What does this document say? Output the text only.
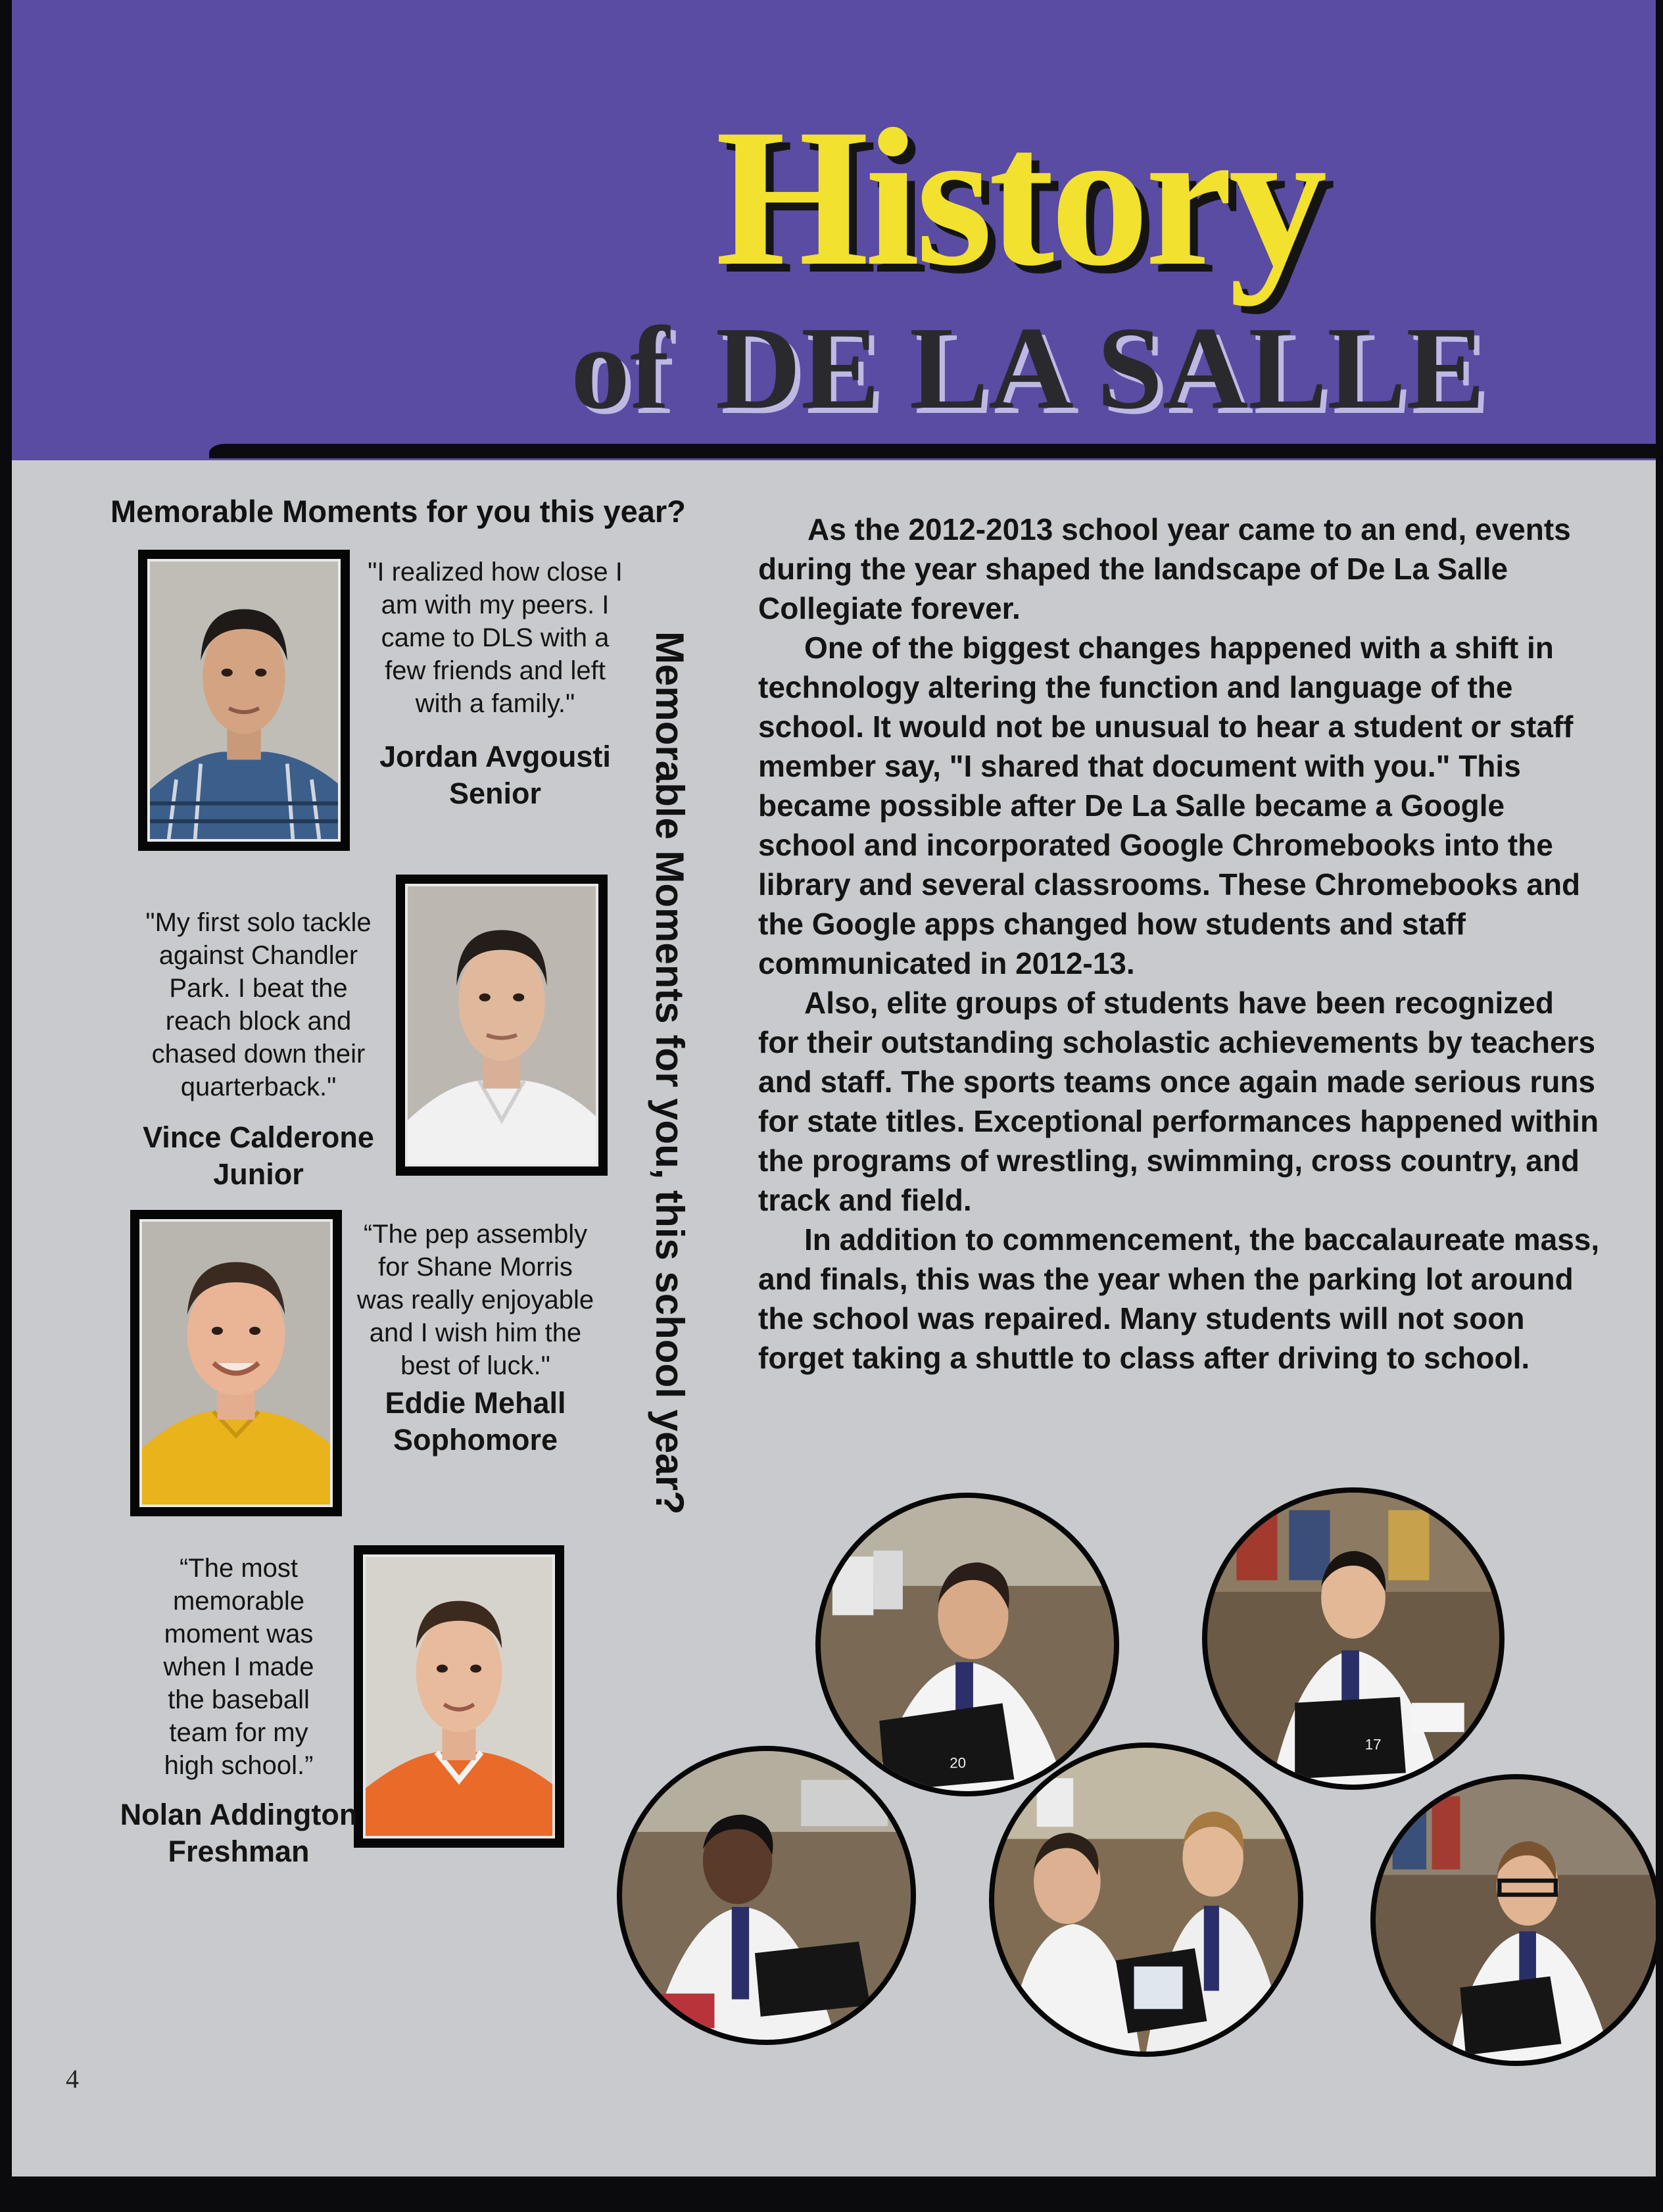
History
of DE LA SALLE
Memorable Moments for you this year?
"I realized how close I am with my peers. I came to DLS with a few friends and left with a family."
Jordan Avgousti
Senior
"My first solo tackle against Chandler Park. I beat the reach block and chased down their quarterback."
Vince Calderone
Junior
“The pep assembly for Shane Morris was really enjoyable and I wish him the best of luck."
Eddie Mehall
Sophomore
“The most memorable moment was when I made the baseball team for my high school.”
Nolan Addington
Freshman
Memorable Moments for you, this school year?

As the 2012-2013 school year came to an end, events during the year shaped the landscape of De La Salle Collegiate forever.

One of the biggest changes happened with a shift in technology altering the function and language of the school. It would not be unusual to hear a student or staff member say, "I shared that document with you." This became possible after De La Salle became a Google school and incorporated Google Chromebooks into the library and several classrooms. These Chromebooks and the Google apps changed how students and staff communicated in 2012-13.

Also, elite groups of students have been recognized for their outstanding scholastic achievements by teachers and staff. The sports teams once again made serious runs for state titles. Exceptional performances happened within the programs of wrestling, swimming, cross country, and track and field.

In addition to commencement, the baccalaureate mass, and finals, this was the year when the parking lot around the school was repaired. Many students will not soon forget taking a shuttle to class after driving to school.

20
17
4
